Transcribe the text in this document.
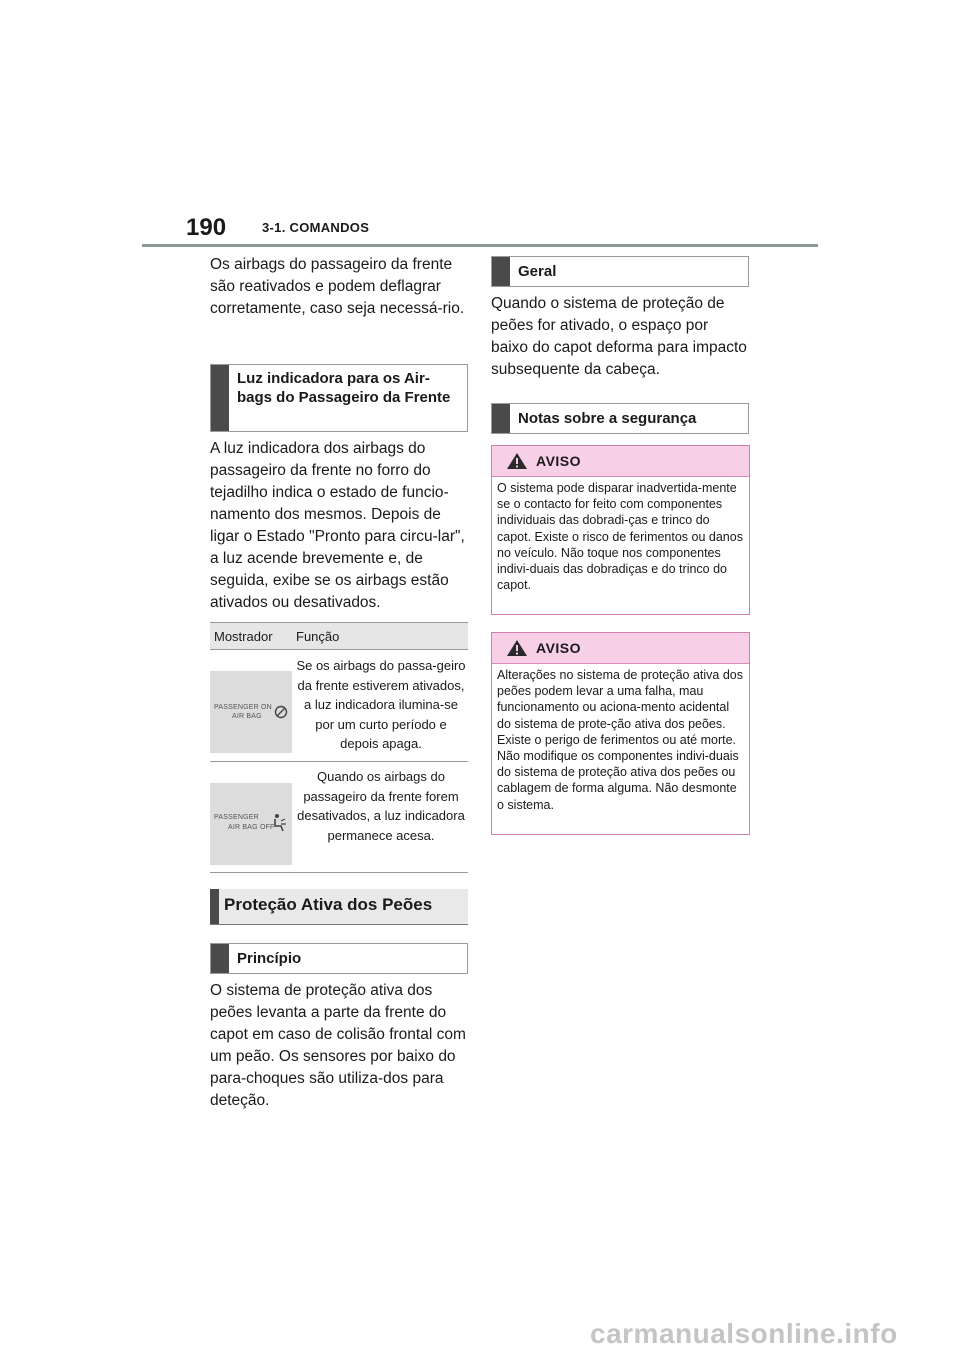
190	3-1. COMANDOS
Os airbags do passageiro da frente são reativados e podem deflagrar corretamente, caso seja necessá-rio.
Luz indicadora para os Air-bags do Passageiro da Frente
A luz indicadora dos airbags do passageiro da frente no forro do tejadilho indica o estado de funcio-namento dos mesmos. Depois de ligar o Estado "Pronto para circu-lar", a luz acende brevemente e, de seguida, exibe se os airbags estão ativados ou desativados.
Mostrador Função
PASSENGER ON
AIR BAG
Se os airbags do passa-geiro da frente estiverem ativados, a luz indicadora ilumina-se por um curto período e depois apaga.
PASSENGER
AIR BAG OFF
Quando os airbags do passageiro da frente forem desativados, a luz indicadora permanece acesa.
Proteção Ativa dos Peões
Princípio
O sistema de proteção ativa dos peões levanta a parte da frente do capot em caso de colisão frontal com um peão. Os sensores por baixo do para-choques são utiliza-dos para deteção.
Geral
Quando o sistema de proteção de peões for ativado, o espaço por baixo do capot deforma para impacto subsequente da cabeça.
Notas sobre a segurança
AVISO
O sistema pode disparar inadvertida-mente se o contacto for feito com componentes individuais das dobradi-ças e trinco do capot. Existe o risco de ferimentos ou danos no veículo. Não toque nos componentes indivi-duais das dobradiças e do trinco do capot.
AVISO
Alterações no sistema de proteção ativa dos peões podem levar a uma falha, mau funcionamento ou aciona-mento acidental do sistema de prote-ção ativa dos peões. Existe o perigo de ferimentos ou até morte. Não modifique os componentes indivi-duais do sistema de proteção ativa dos peões ou cablagem de forma alguma. Não desmonte o sistema.
carmanualsonline.info
